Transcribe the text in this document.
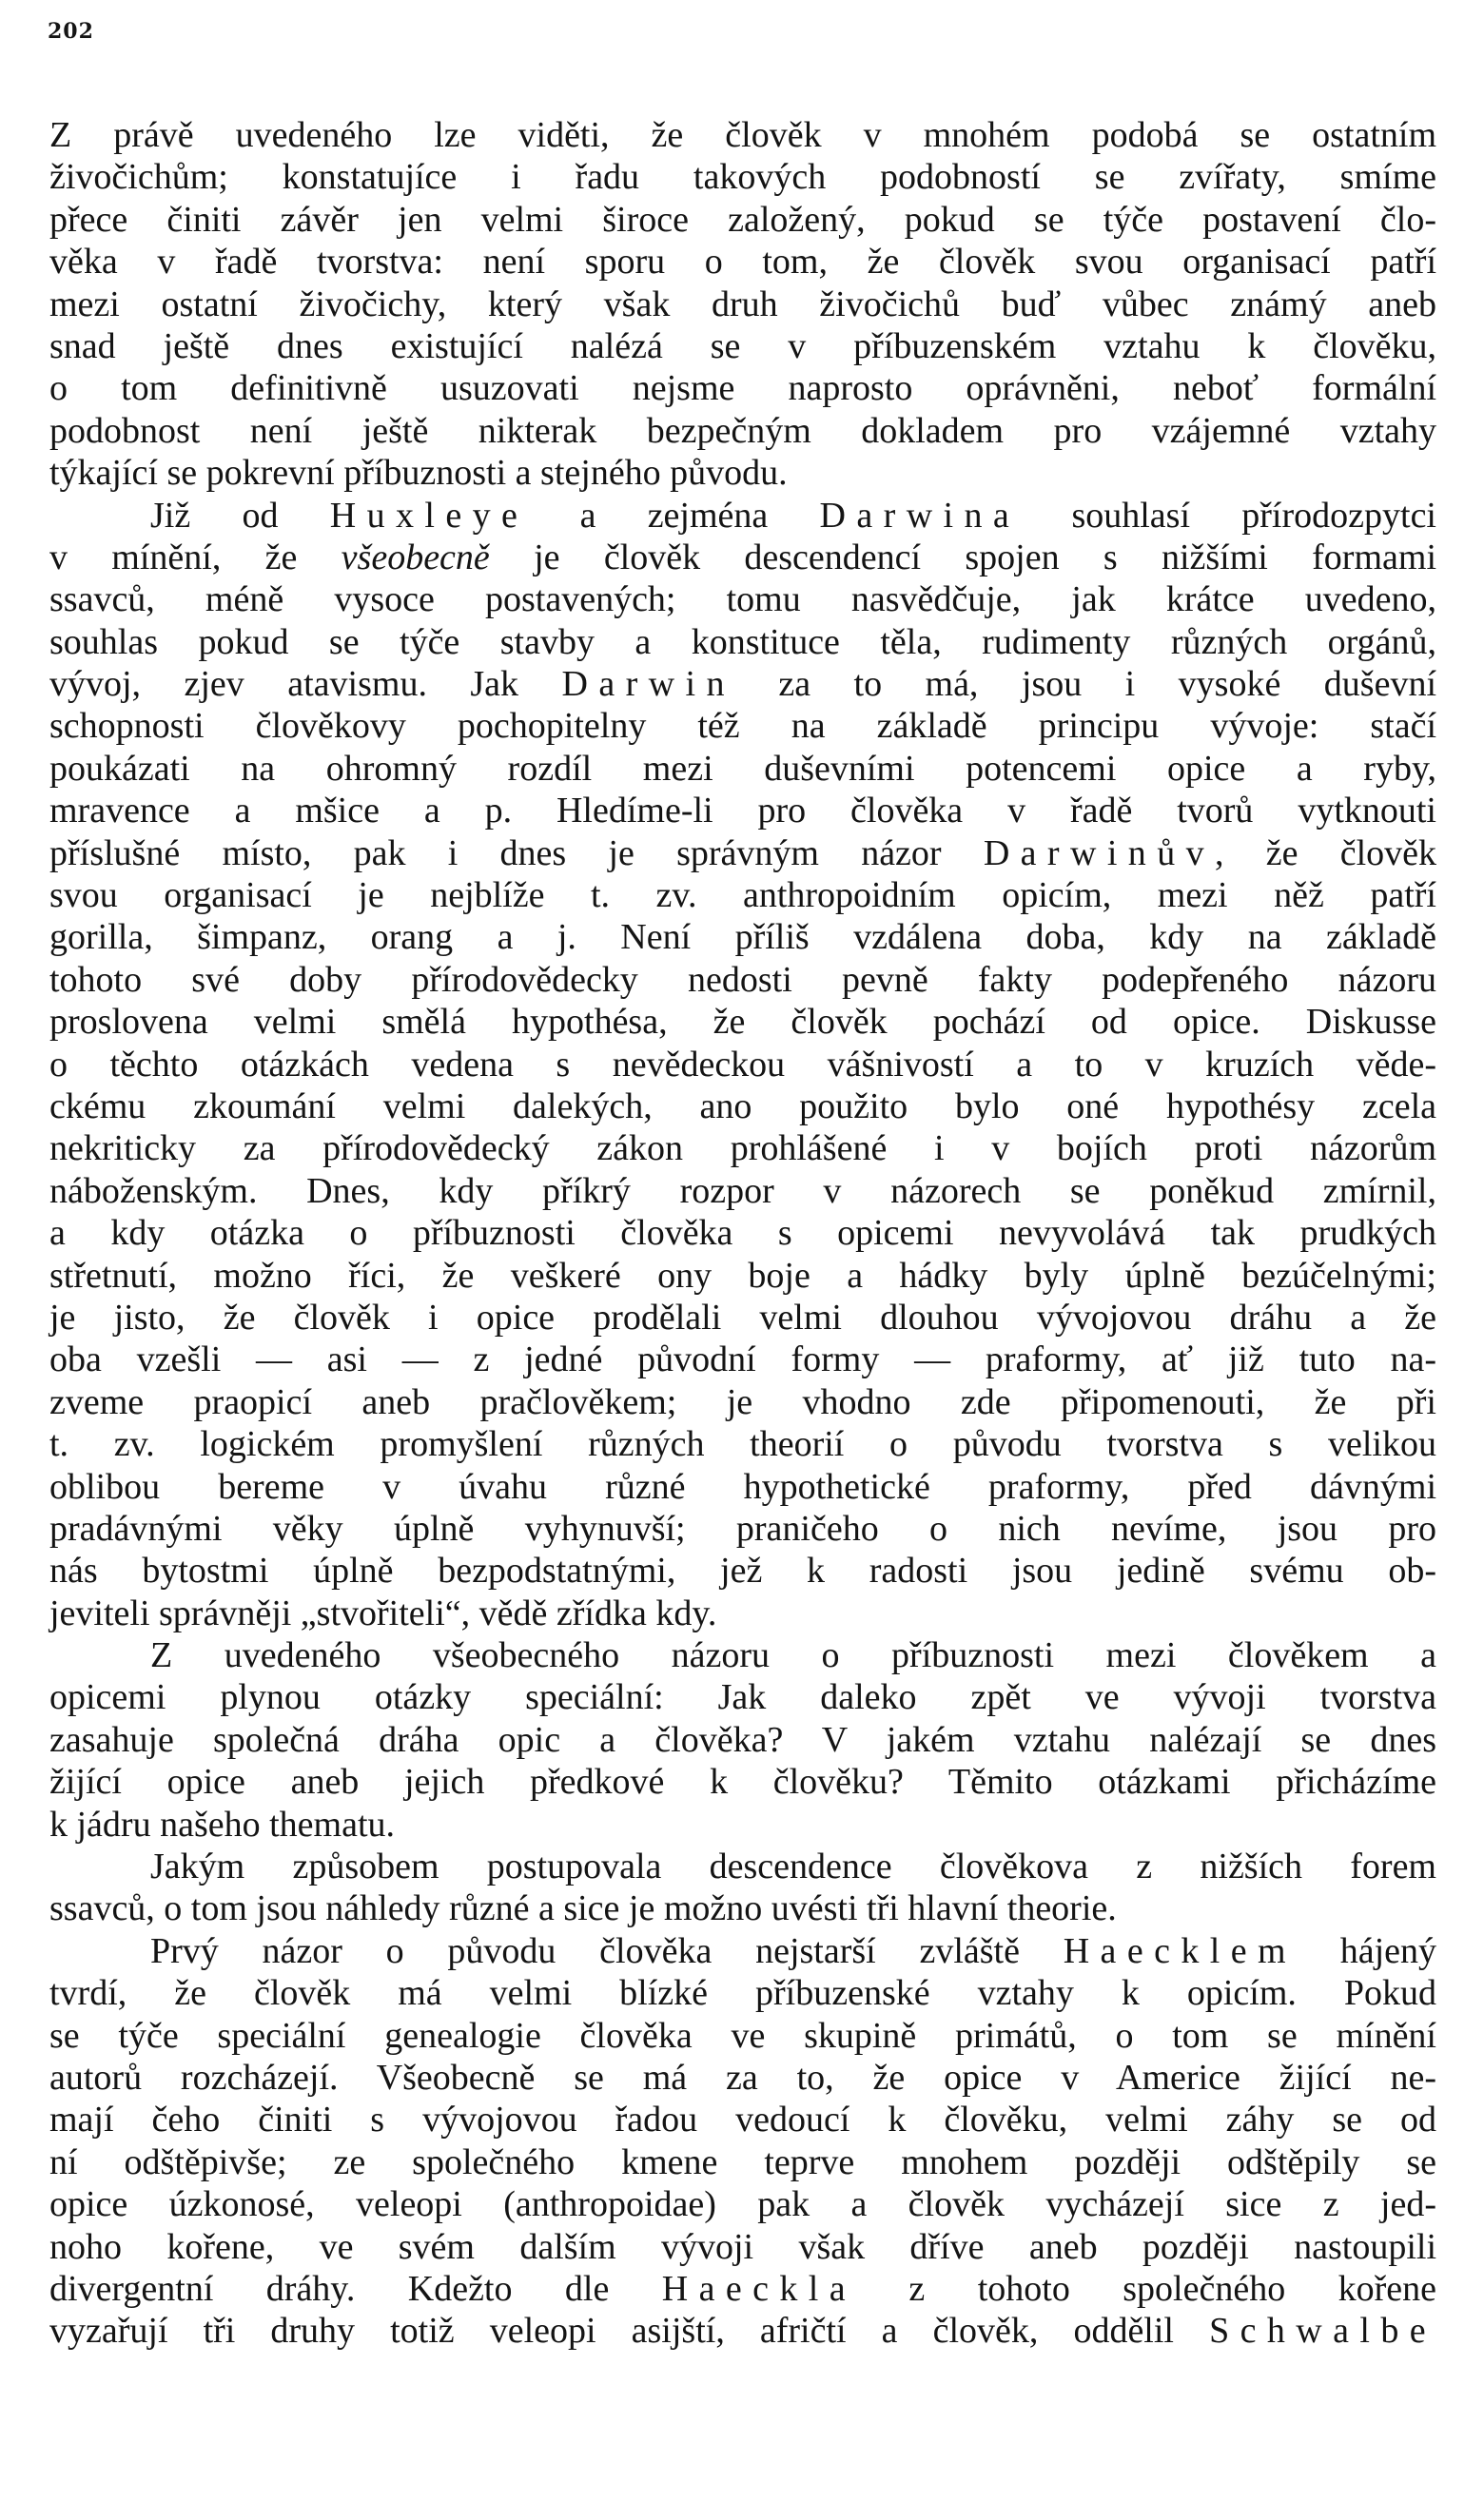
202
Z právě uvedeného lze viděti, že člověk v mnohém podobá se ostatním
živočichům; konstatujíce i řadu takových podobností se zvířaty, smíme
přece činiti závěr jen velmi široce založený, pokud se týče postavení člo-
věka v řadě tvorstva: není sporu o tom, že člověk svou organisací patří
mezi ostatní živočichy, který však druh živočichů buď vůbec známý aneb
snad ještě dnes existující nalézá se v příbuzenském vztahu k člověku,
o tom definitivně usuzovati nejsme naprosto oprávněni, neboť formální
podobnost není ještě nikterak bezpečným dokladem pro vzájemné vztahy
týkající se pokrevní příbuznosti a stejného původu.
Již od Huxleye a zejména Darwina souhlasí přírodozpytci
v mínění, že všeobecně je člověk descendencí spojen s nižšími formami
ssavců, méně vysoce postavených; tomu nasvědčuje, jak krátce uvedeno,
souhlas pokud se týče stavby a konstituce těla, rudimenty různých orgánů,
vývoj, zjev atavismu. Jak Darwin za to má, jsou i vysoké duševní
schopnosti člověkovy pochopitelny též na základě principu vývoje: stačí
poukázati na ohromný rozdíl mezi duševními potencemi opice a ryby,
mravence a mšice a p. Hledíme-li pro člověka v řadě tvorů vytknouti
příslušné místo, pak i dnes je správným názor Darwinův, že člověk
svou organisací je nejblíže t. zv. anthropoidním opicím, mezi něž patří
gorilla, šimpanz, orang a j. Není příliš vzdálena doba, kdy na základě
tohoto své doby přírodovědecky nedosti pevně fakty podepřeného názoru
proslovena velmi smělá hypothésa, že člověk pochází od opice. Diskusse
o těchto otázkách vedena s nevědeckou vášnivostí a to v kruzích věde-
ckému zkoumání velmi dalekých, ano použito bylo oné hypothésy zcela
nekriticky za přírodovědecký zákon prohlášené i v bojích proti názorům
náboženským. Dnes, kdy příkrý rozpor v názorech se poněkud zmírnil,
a kdy otázka o příbuznosti člověka s opicemi nevyvolává tak prudkých
střetnutí, možno říci, že veškeré ony boje a hádky byly úplně bezúčelnými;
je jisto, že člověk i opice prodělali velmi dlouhou vývojovou dráhu a že
oba vzešli — asi — z jedné původní formy — praformy, ať již tuto na-
zveme praopicí aneb pračlověkem; je vhodno zde připomenouti, že při
t. zv. logickém promyšlení různých theorií o původu tvorstva s velikou
oblibou bereme v úvahu různé hypothetické praformy, před dávnými
pradávnými věky úplně vyhynuvší; praničeho o nich nevíme, jsou pro
nás bytostmi úplně bezpodstatnými, jež k radosti jsou jedině svému ob-
jeviteli správněji „stvořiteli“, vědě zřídka kdy.
Z uvedeného všeobecného názoru o příbuznosti mezi člověkem a
opicemi plynou otázky speciální: Jak daleko zpět ve vývoji tvorstva
zasahuje společná dráha opic a člověka? V jakém vztahu nalézají se dnes
žijící opice aneb jejich předkové k člověku? Těmito otázkami přicházíme
k jádru našeho thematu.
Jakým způsobem postupovala descendence člověkova z nižších forem
ssavců, o tom jsou náhledy různé a sice je možno uvésti tři hlavní theorie.
Prvý názor o původu člověka nejstarší zvláště Haecklem hájený
tvrdí, že člověk má velmi blízké příbuzenské vztahy k opicím. Pokud
se týče speciální genealogie člověka ve skupině primátů, o tom se mínění
autorů rozcházejí. Všeobecně se má za to, že opice v Americe žijící ne-
mají čeho činiti s vývojovou řadou vedoucí k člověku, velmi záhy se od
ní odštěpivše; ze společného kmene teprve mnohem později odštěpily se
opice úzkonosé, veleopi (anthropoidae) pak a člověk vycházejí sice z jed-
noho kořene, ve svém dalším vývoji však dříve aneb později nastoupili
divergentní dráhy. Kdežto dle Haeckla z tohoto společného kořene
vyzařují tři druhy totiž veleopi asijští, afričtí a člověk, oddělil Schwalbe
